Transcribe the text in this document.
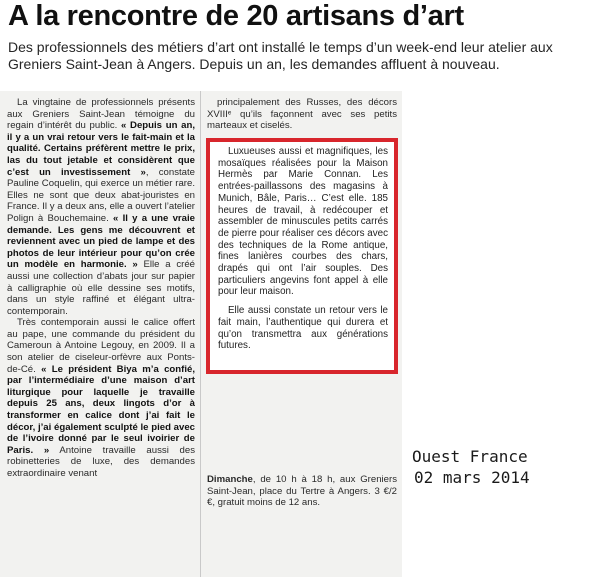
A la rencontre de 20 artisans d’art
Des professionnels des métiers d’art ont installé le temps d’un week-end leur atelier aux Greniers Saint-Jean à Angers. Depuis un an, les demandes affluent à nouveau.

La vingtaine de professionnels présents aux Greniers Saint-Jean témoigne du regain d’intérêt du public. « Depuis un an, il y a un vrai retour vers le fait-main et la qualité. Certains préfèrent mettre le prix, las du tout jetable et considèrent que c’est un investissement », constate Pauline Coquelin, qui exerce un métier rare. Elles ne sont que deux abat-jouristes en France. Il y a deux ans, elle a ouvert l’atelier Polign à Bouchemaine. « Il y a une vraie demande. Les gens me découvrent et reviennent avec un pied de lampe et des photos de leur intérieur pour qu’on crée un modèle en harmonie. » Elle a créé aussi une collection d’abats jour sur papier à calligraphie où elle dessine ses motifs, dans un style raffiné et élégant ultra-contemporain.

Très contemporain aussi le calice offert au pape, une commande du président du Cameroun à Antoine Legouy, en 2009. Il a son atelier de ciseleur-orfèvre aux Ponts-de-Cé. « Le président Biya m’a confié, par l’intermédiaire d’une maison d’art liturgique pour laquelle je travaille depuis 25 ans, deux lingots d’or à transformer en calice dont j’ai fait le décor, j’ai également sculpté le pied avec de l’ivoire donné par le seul ivoirier de Paris. » Antoine travaille aussi des robinetteries de luxe, des demandes extraordinaire venant

principalement des Russes, des décors XVIIIᵉ qu’ils façonnent avec ses petits marteaux et ciselés.

Dimanche, de 10 h à 18 h, aux Greniers Saint-Jean, place du Tertre à Angers. 3 €/2 €, gratuit moins de 12 ans.

Luxueuses aussi et magnifiques, les mosaïques réalisées pour la Maison Hermès par Marie Connan. Les entrées-paillassons des magasins à Munich, Bâle, Paris… C’est elle. 185 heures de travail, à redécouper et assembler de minuscules petits carrés de pierre pour réaliser ces décors avec des techniques de la Rome antique, fines lanières courbes des chars, drapés qui ont l’air souples. Des particuliers angevins font appel à elle pour leur maison.

Elle aussi constate un retour vers le fait main, l’authentique qui durera et qu’on transmettra aux générations futures.

Ouest France
02 mars 2014
